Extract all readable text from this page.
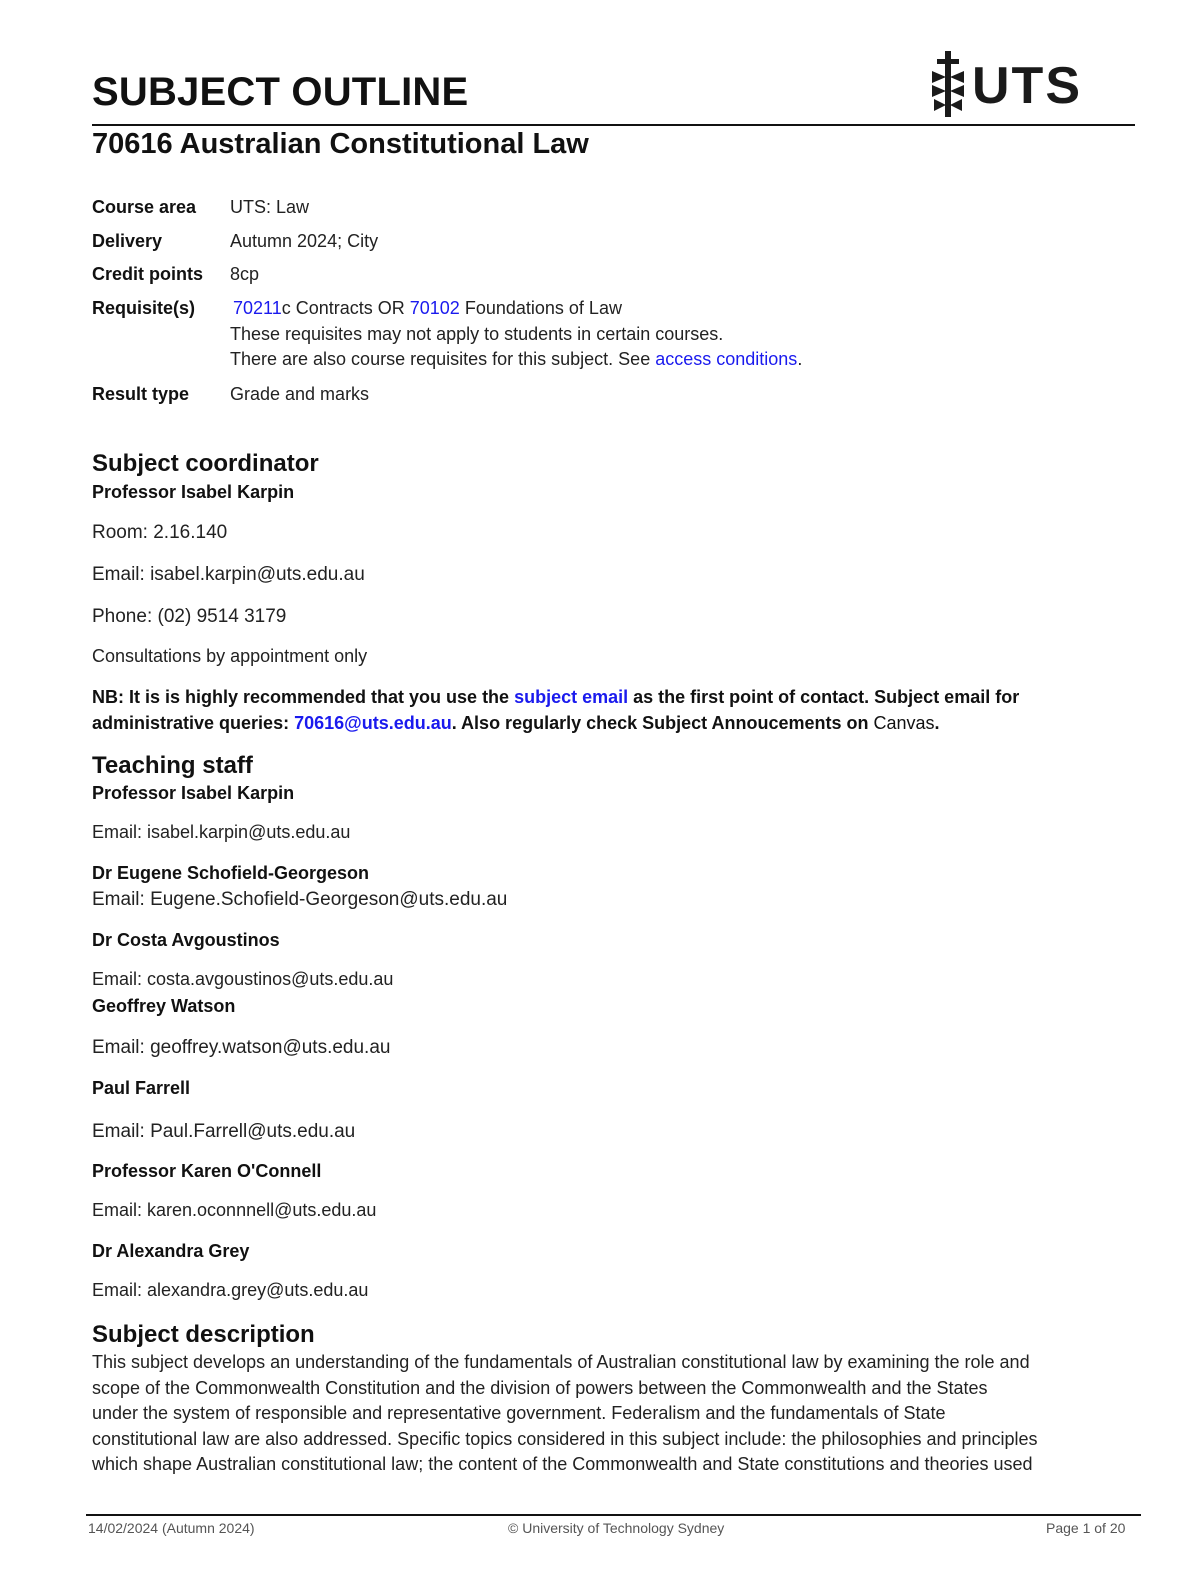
SUBJECT OUTLINE	UTS
70616 Australian Constitutional Law
Course area UTS: Law
Delivery	Autumn 2024; City
Credit points 8cp
Requisite(s) 70211c Contracts OR 70102 Foundations of Law
These requisites may not apply to students in certain courses.
There are also course requisites for this subject. See access conditions.
Result type Grade and marks
Subject coordinator
Professor Isabel Karpin
Room: 2.16.140
Email: isabel.karpin@uts.edu.au
Phone: (02) 9514 3179
Consultations by appointment only
NB: It is is highly recommended that you use the subject email as the first point of contact. Subject email for administrative queries: 70616@uts.edu.au. Also regularly check Subject Annoucements on Canvas.
Teaching staff
Professor Isabel Karpin
Email: isabel.karpin@uts.edu.au
Dr Eugene Schofield-Georgeson
Email: Eugene.Schofield-Georgeson@uts.edu.au
Dr Costa Avgoustinos
Email: costa.avgoustinos@uts.edu.au
Geoffrey Watson
Email: geoffrey.watson@uts.edu.au
Paul Farrell
Email: Paul.Farrell@uts.edu.au
Professor Karen O'Connell
Email: karen.oconnnell@uts.edu.au
Dr Alexandra Grey
Email: alexandra.grey@uts.edu.au
Subject description
This subject develops an understanding of the fundamentals of Australian constitutional law by examining the role and
scope of the Commonwealth Constitution and the division of powers between the Commonwealth and the States
under the system of responsible and representative government. Federalism and the fundamentals of State
constitutional law are also addressed. Specific topics considered in this subject include: the philosophies and principles
which shape Australian constitutional law; the content of the Commonwealth and State constitutions and theories used
14/02/2024 (Autumn 2024)	© University of Technology Sydney	Page 1 of 20
